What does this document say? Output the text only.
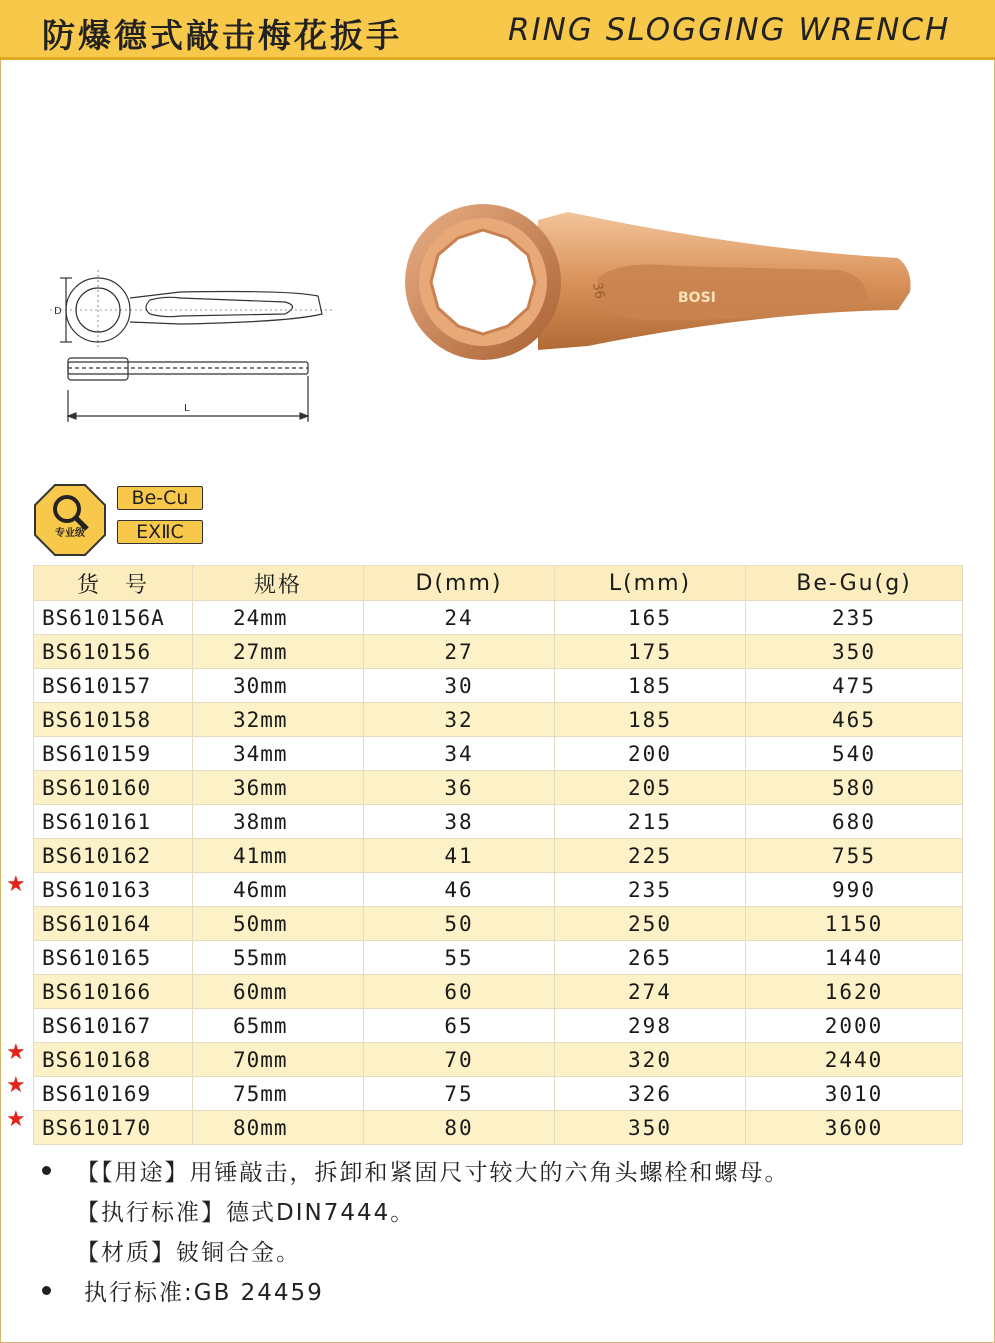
防爆德式敲击梅花扳手	RING SLOGGING WRENCH
D
L
BOSI
36
专业级
Be-Cu
EXⅡC
货　号	规格	D(mm)	L(mm)	Be-Gu(g)
BS610156A	24mm	24	165	235
BS610156	27mm	27	175	350
BS610157	30mm	30	185	475
BS610158	32mm	32	185	465
BS610159	34mm	34	200	540
BS610160	36mm	36	205	580
BS610161	38mm	38	215	680
BS610162	41mm	41	225	755
BS610163	46mm	46	235	990
BS610164	50mm	50	250	1150
BS610165	55mm	55	265	1440
BS610166	60mm	60	274	1620
BS610167	65mm	65	298	2000
BS610168	70mm	70	320	2440
BS610169	75mm	75	326	3010
BS610170	80mm	80	350	3600
★
★
★
★
【【用途】用锤敲击，拆卸和紧固尺寸较大的六角头螺栓和螺母。
【执行标准】德式DIN7444。
【材质】铍铜合金。
执行标准:GB 24459
